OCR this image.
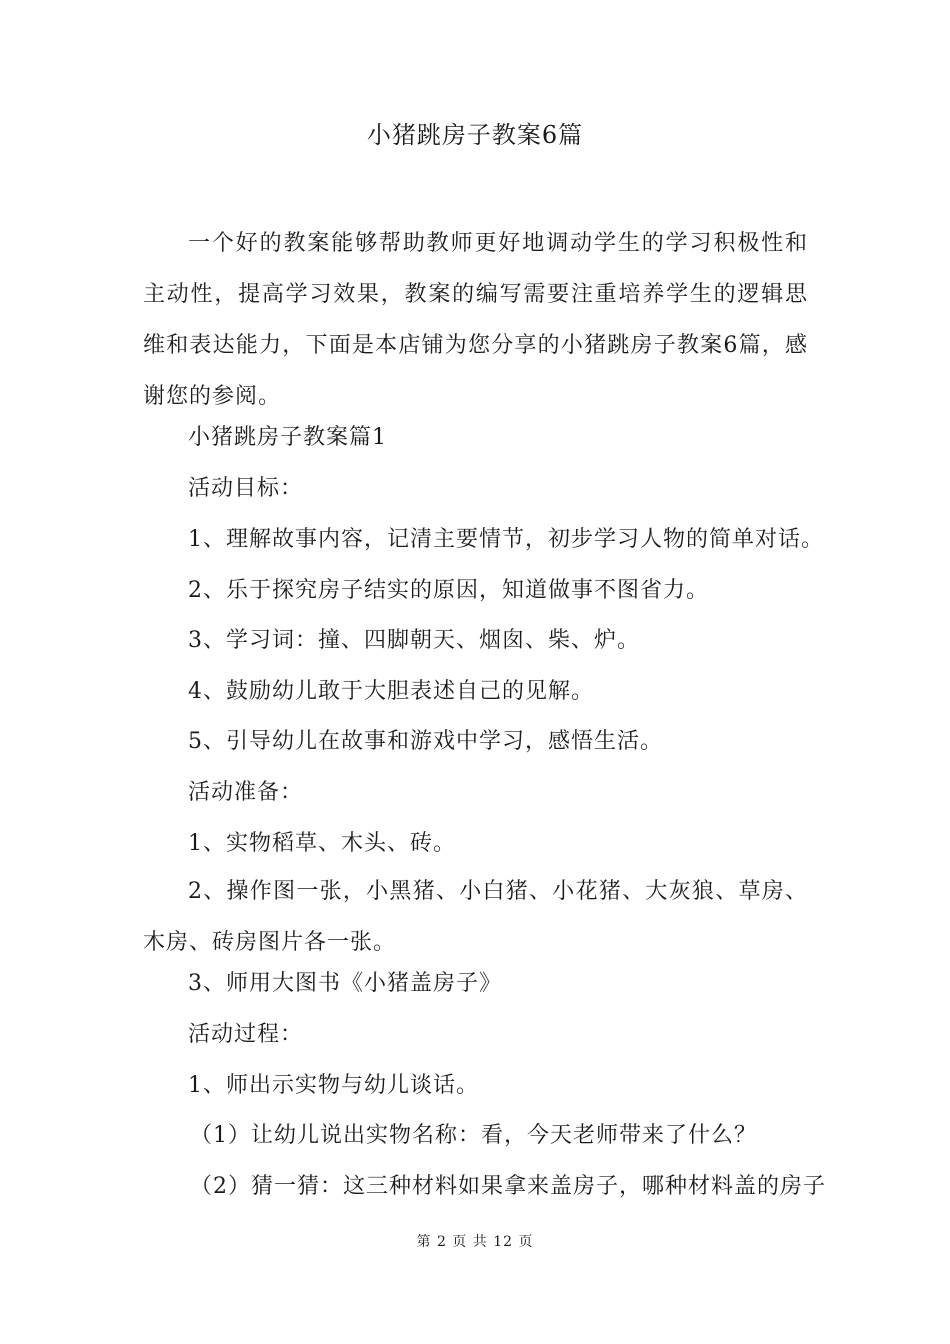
小猪跳房子教案6篇

一个好的教案能够帮助教师更好地调动学生的学习积极性和主动性，提高学习效果，教案的编写需要注重培养学生的逻辑思维和表达能力，下面是本店铺为您分享的小猪跳房子教案6篇，感谢您的参阅。

小猪跳房子教案篇1
活动目标：
1、理解故事内容，记清主要情节，初步学习人物的简单对话。
2、乐于探究房子结实的原因，知道做事不图省力。
3、学习词：撞、四脚朝天、烟囱、柴、炉。
4、鼓励幼儿敢于大胆表述自己的见解。
5、引导幼儿在故事和游戏中学习，感悟生活。
活动准备：
1、实物稻草、木头、砖。

2、操作图一张，小黑猪、小白猪、小花猪、大灰狼、草房、木房、砖房图片各一张。

3、师用大图书《小猪盖房子》
活动过程：
1、师出示实物与幼儿谈话。
（1）让幼儿说出实物名称：看，今天老师带来了什么？
（2）猜一猜：这三种材料如果拿来盖房子，哪种材料盖的房子
第 2 页 共 12 页
